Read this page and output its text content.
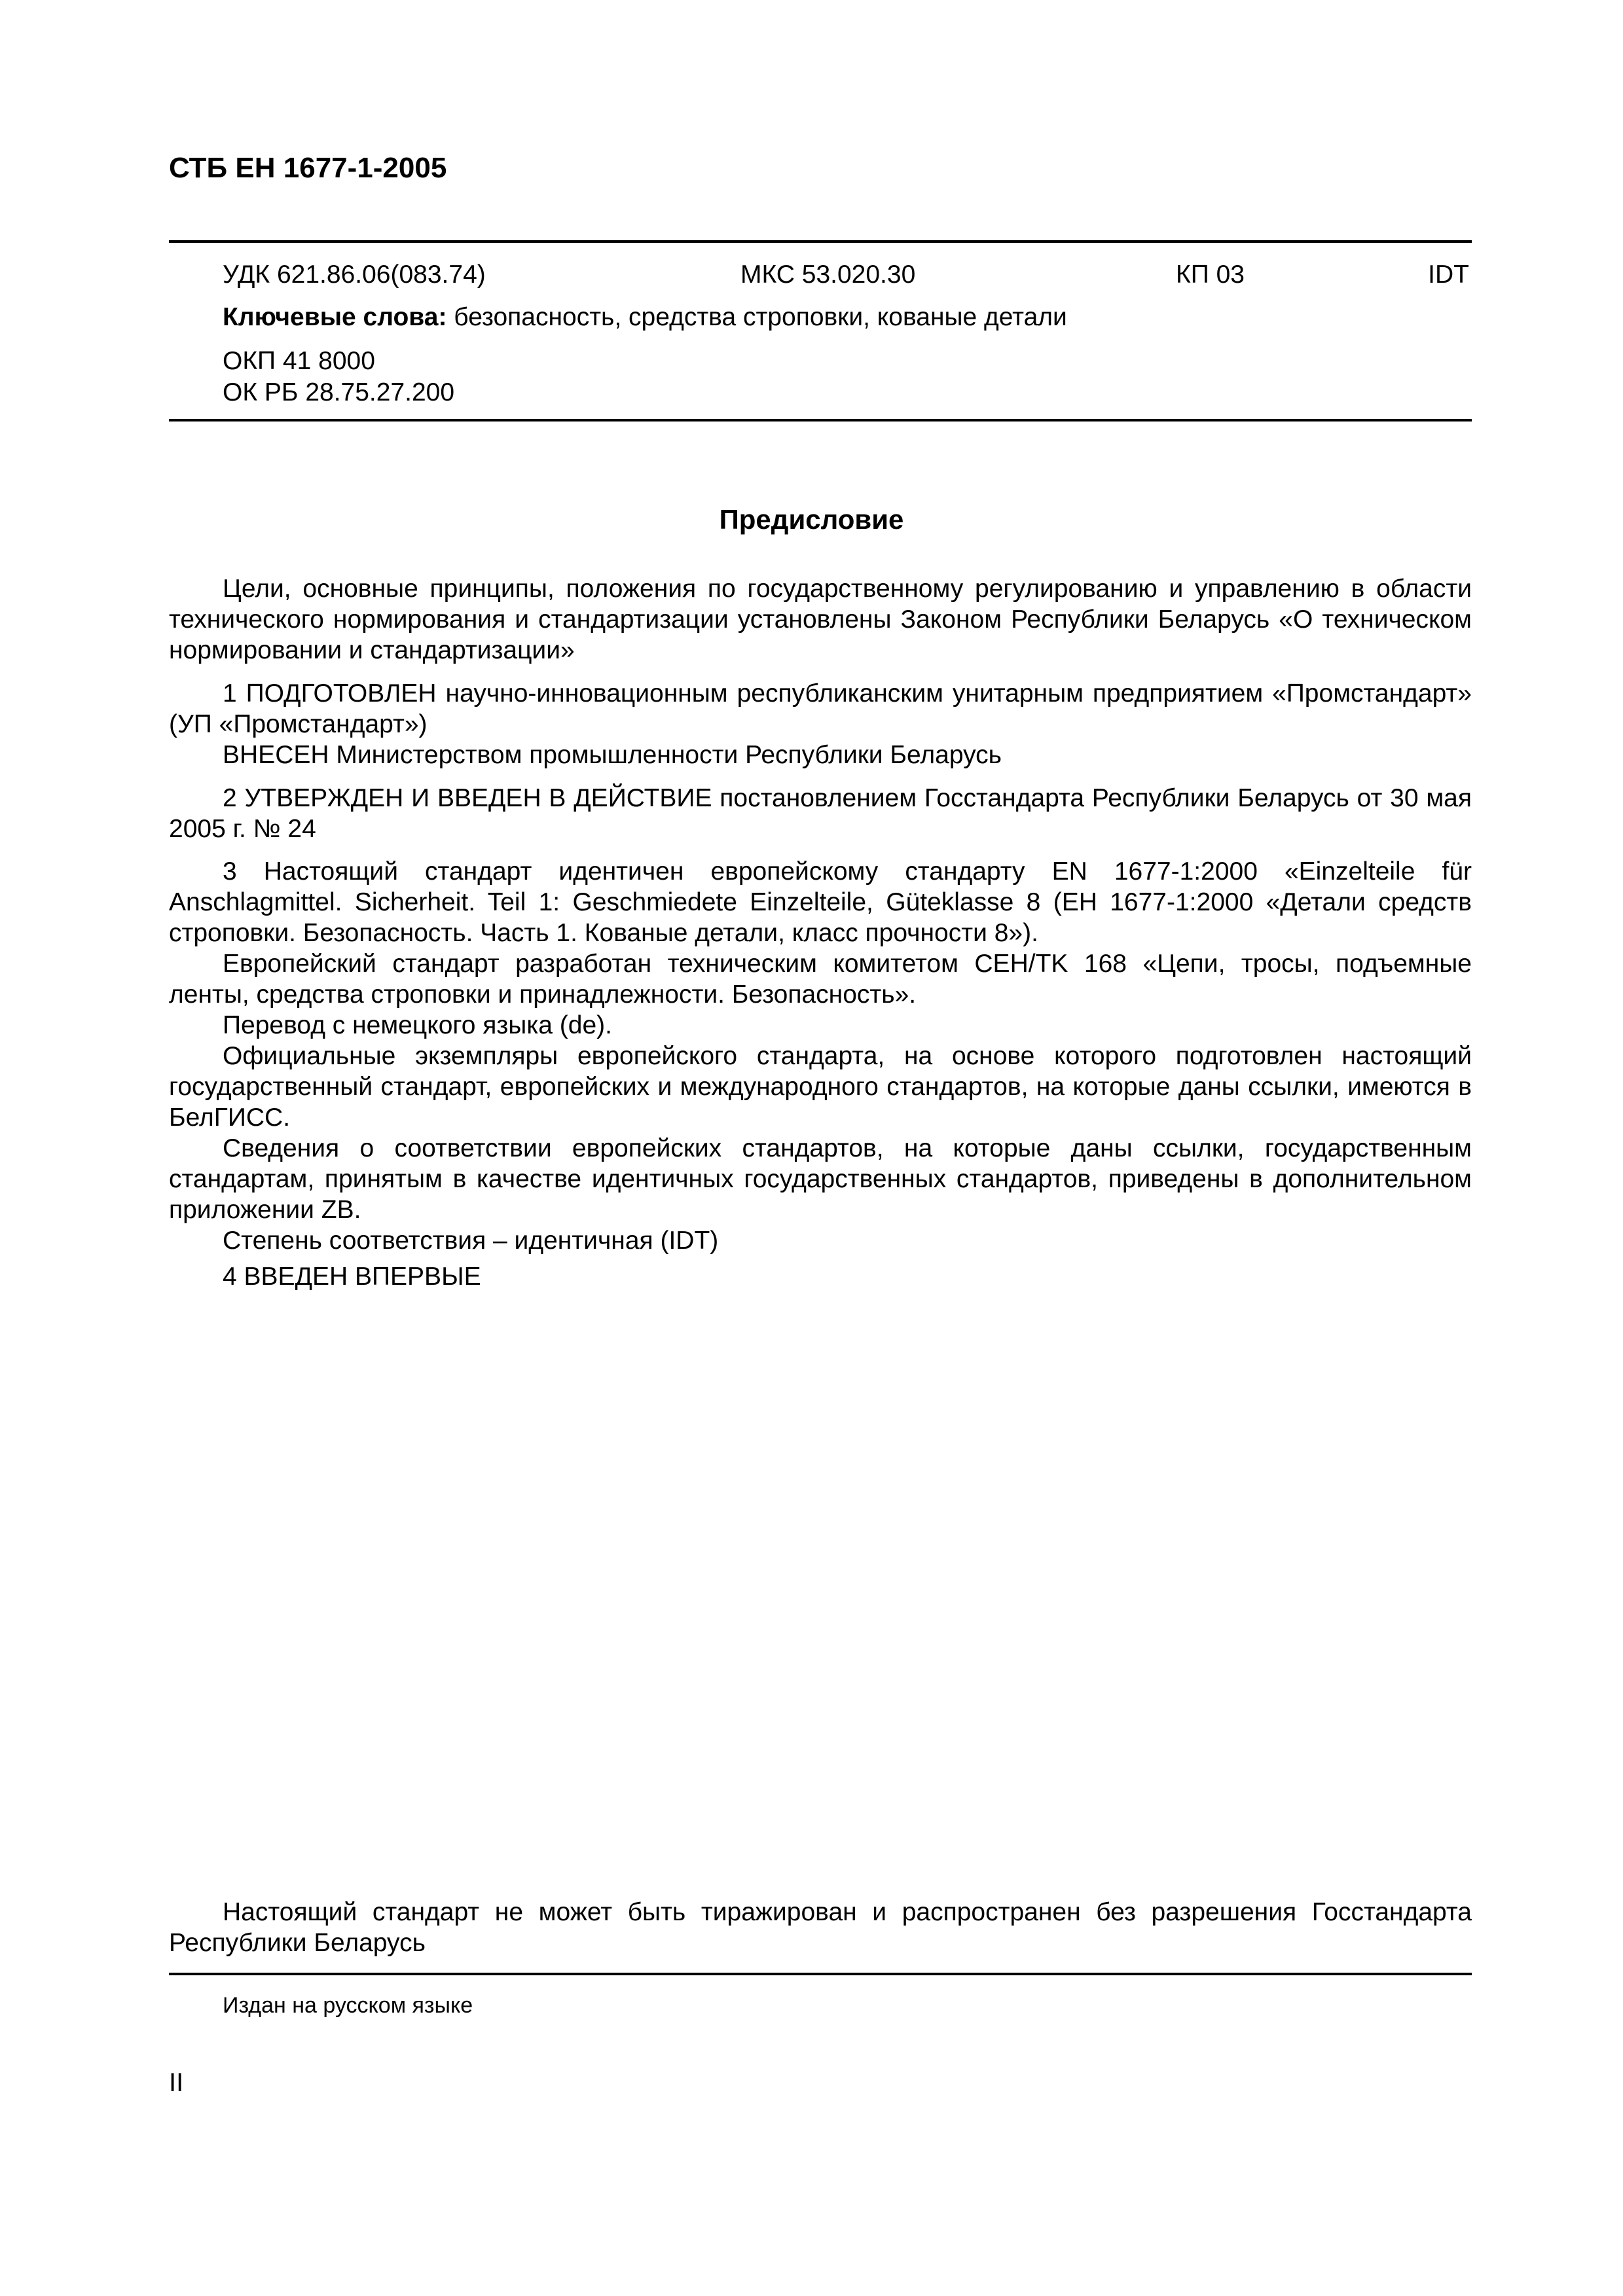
СТБ ЕН 1677-1-2005
УДК 621.86.06(083.74)	МКС 53.020.30	КП 03	IDT
Ключевые слова: безопасность, средства строповки, кованые детали
ОКП 41 8000
ОК РБ 28.75.27.200
Предисловие

Цели, основные принципы, положения по государственному регулированию и управлению в области технического нормирования и стандартизации установлены Законом Республики Беларусь «О техническом нормировании и стандартизации»

1 ПОДГОТОВЛЕН научно-инновационным республиканским унитарным предприятием «Промстандарт» (УП «Промстандарт»)

ВНЕСЕН Министерством промышленности Республики Беларусь

2 УТВЕРЖДЕН И ВВЕДЕН В ДЕЙСТВИЕ постановлением Госстандарта Республики Беларусь от 30 мая 2005 г. № 24

3 Настоящий стандарт идентичен европейскому стандарту EN 1677-1:2000 «Einzelteile für Anschlagmittel. Sicherheit. Teil 1: Geschmiedete Einzelteile, Güteklasse 8 (ЕН 1677-1:2000 «Детали средств строповки. Безопасность. Часть 1. Кованые детали, класс прочности 8»).

Европейский стандарт разработан техническим комитетом CEH/TK 168 «Цепи, тросы, подъемные ленты, средства строповки и принадлежности. Безопасность».

Перевод с немецкого языка (de).

Официальные экземпляры европейского стандарта, на основе которого подготовлен настоящий государственный стандарт, европейских и международного стандартов, на которые даны ссылки, имеются в БелГИСС.

Сведения о соответствии европейских стандартов, на которые даны ссылки, государственным стандартам, принятым в качестве идентичных государственных стандартов, приведены в дополнительном приложении ZB.

Степень соответствия – идентичная (IDT)

4 ВВЕДЕН ВПЕРВЫЕ

Настоящий стандарт не может быть тиражирован и распространен без разрешения Госстандарта Республики Беларусь

Издан на русском языке
II
